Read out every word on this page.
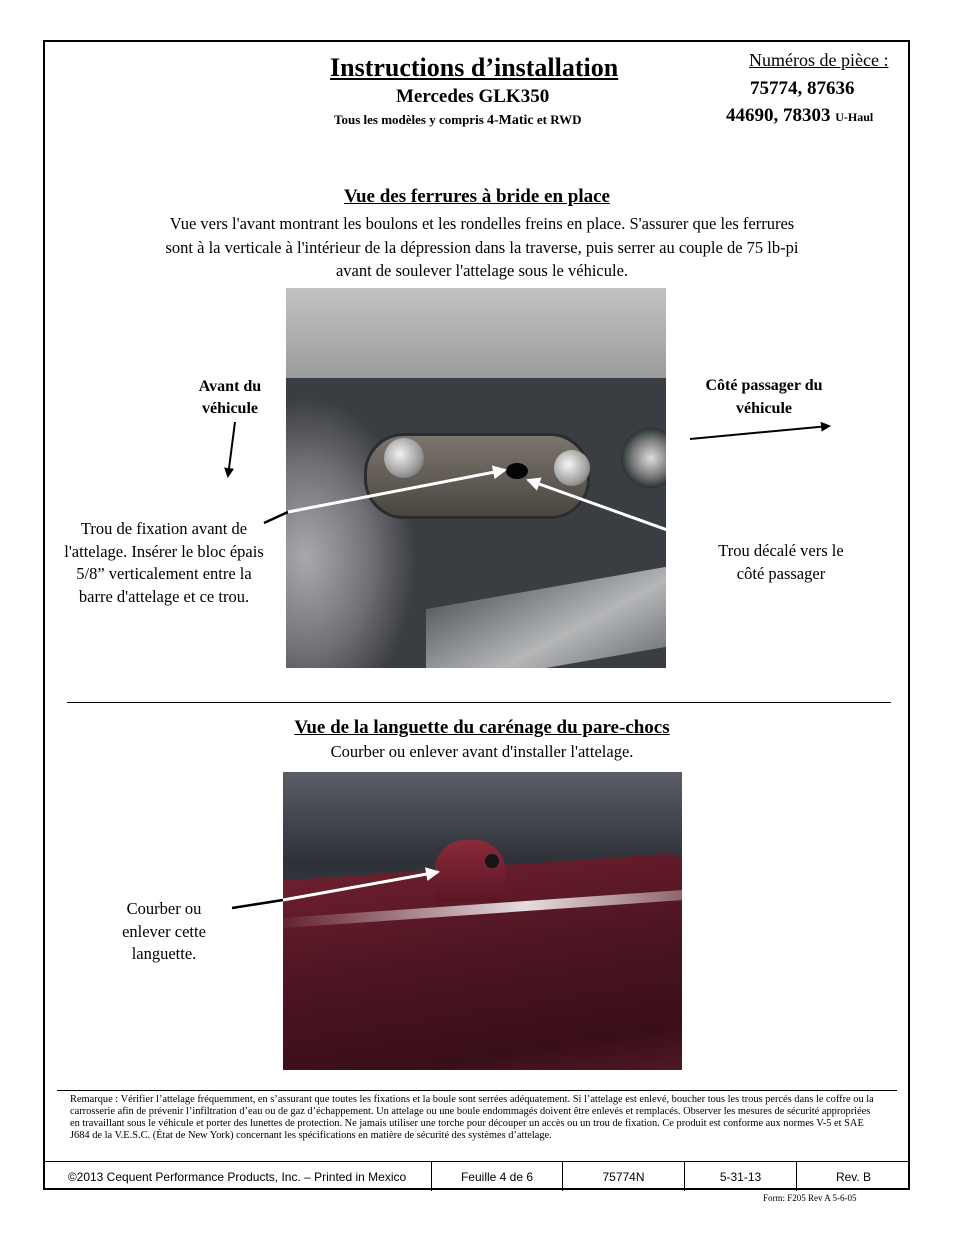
Instructions d’installation
Mercedes GLK350
Tous les modèles y compris 4-Matic et RWD
Numéros de pièce :
75774, 87636
44690, 78303 U-Haul
Vue des ferrures à bride en place
Vue vers l'avant montrant les boulons et les rondelles freins en place. S'assurer que les ferrures sont à la verticale à l'intérieur de la dépression dans la traverse, puis serrer au couple de 75 lb-pi avant de soulever l'attelage sous le véhicule.
Avant du véhicule
Côté passager du véhicule
Trou de fixation avant de l'attelage. Insérer le bloc épais 5/8” verticalement entre la barre d'attelage et ce trou.
Trou décalé vers le côté passager
Vue de la languette du carénage du pare-chocs
Courber ou enlever avant d'installer l'attelage.
Courber ou enlever cette languette.
Remarque : Vérifier l’attelage fréquemment, en s’assurant que toutes les fixations et la boule sont serrées adéquatement. Si l’attelage est enlevé, boucher tous les trous percés dans le coffre ou la carrosserie afin de prévenir l’infiltration d’eau ou de gaz d’échappement. Un attelage ou une boule endommagés doivent être enlevés et remplacés. Observer les mesures de sécurité appropriées en travaillant sous le véhicule et porter des lunettes de protection. Ne jamais utiliser une torche pour découper un accès ou un trou de fixation. Ce produit est conforme aux normes V-5 et SAE J684 de la V.E.S.C. (État de New York) concernant les spécifications en matière de sécurité des systèmes d’attelage.
© 2013 Cequent Performance Products, Inc. – Printed in Mexico	Feuille 4 de 6	75774N	5-31-13	Rev. B
Form: F205 Rev A 5-6-05
